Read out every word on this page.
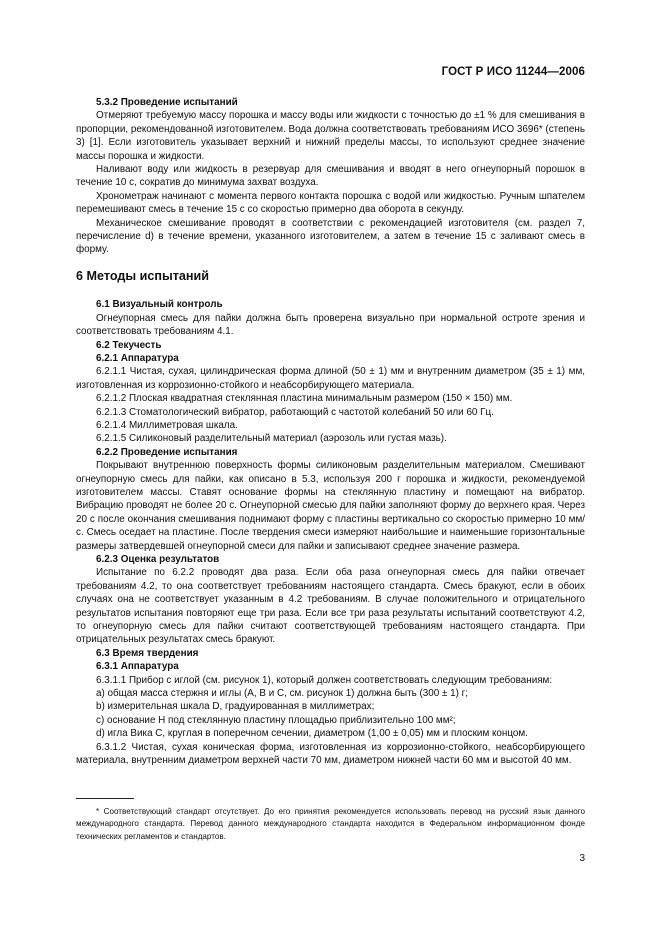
ГОСТ Р ИСО 11244—2006

5.3.2 Проведение испытаний

Отмеряют требуемую массу порошка и массу воды или жидкости с точностью до ±1 % для смешивания в пропорции, рекомендованной изготовителем. Вода должна соответствовать требованиям ИСО 3696* (степень 3) [1]. Если изготовитель указывает верхний и нижний пределы массы, то используют среднее значение массы порошка и жидкости.

Наливают воду или жидкость в резервуар для смешивания и вводят в него огнеупорный порошок в течение 10 с, сократив до минимума захват воздуха.

Хронометраж начинают с момента первого контакта порошка с водой или жидкостью. Ручным шпателем перемешивают смесь в течение 15 с со скоростью примерно два оборота в секунду.

Механическое смешивание проводят в соответствии с рекомендацией изготовителя (см. раздел 7, перечисление d) в течение времени, указанного изготовителем, а затем в течение 15 с заливают смесь в форму.

6 Методы испытаний

6.1 Визуальный контроль

Огнеупорная смесь для пайки должна быть проверена визуально при нормальной остроте зрения и соответствовать требованиям 4.1.

6.2 Текучесть

6.2.1 Аппаратура

6.2.1.1 Чистая, сухая, цилиндрическая форма длиной (50 ± 1) мм и внутренним диаметром (35 ± 1) мм, изготовленная из коррозионно-стойкого и неабсорбирующего материала.

6.2.1.2 Плоская квадратная стеклянная пластина минимальным размером (150 × 150) мм.

6.2.1.3 Стоматологический вибратор, работающий с частотой колебаний 50 или 60 Гц.

6.2.1.4 Миллиметровая шкала.

6.2.1.5 Силиконовый разделительный материал (аэрозоль или густая мазь).

6.2.2 Проведение испытания

Покрывают внутреннюю поверхность формы силиконовым разделительным материалом. Смешивают огнеупорную смесь для пайки, как описано в 5.3, используя 200 г порошка и жидкости, рекомендуемой изготовителем массы. Ставят основание формы на стеклянную пластину и помещают на вибратор. Вибрацию проводят не более 20 с. Огнеупорной смесью для пайки заполняют форму до верхнего края. Через 20 с после окончания смешивания поднимают форму с пластины вертикально со скоростью примерно 10 мм/с. Смесь оседает на пластине. После твердения смеси измеряют наибольшие и наименьшие горизонтальные размеры затвердевшей огнеупорной смеси для пайки и записывают среднее значение размера.

6.2.3 Оценка результатов

Испытание по 6.2.2 проводят два раза. Если оба раза огнеупорная смесь для пайки отвечает требованиям 4.2, то она соответствует требованиям настоящего стандарта. Смесь бракуют, если в обоих случаях она не соответствует указанным в 4.2 требованиям. В случае положительного и отрицательного результатов испытания повторяют еще три раза. Если все три раза результаты испытаний соответствуют 4.2, то огнеупорную смесь для пайки считают соответствующей требованиям настоящего стандарта. При отрицательных результатах смесь бракуют.

6.3 Время твердения

6.3.1 Аппаратура

6.3.1.1 Прибор с иглой (см. рисунок 1), который должен соответствовать следующим требованиям:

a) общая масса стержня и иглы (A, B и C, см. рисунок 1) должна быть (300 ± 1) г;

b) измерительная шкала D, градуированная в миллиметрах;

c) основание H под стеклянную пластину площадью приблизительно 100 мм²;

d) игла Вика C, круглая в поперечном сечении, диаметром (1,00 ± 0,05) мм и плоским концом.

6.3.1.2 Чистая, сухая коническая форма, изготовленная из коррозионно-стойкого, неабсорбирующего материала, внутренним диаметром верхней части 70 мм, диаметром нижней части 60 мм и высотой 40 мм.

* Соответствующий стандарт отсутствует. До его принятия рекомендуется использовать перевод на русский язык данного международного стандарта. Перевод данного международного стандарта находится в Федеральном информационном фонде технических регламентов и стандартов.
3
